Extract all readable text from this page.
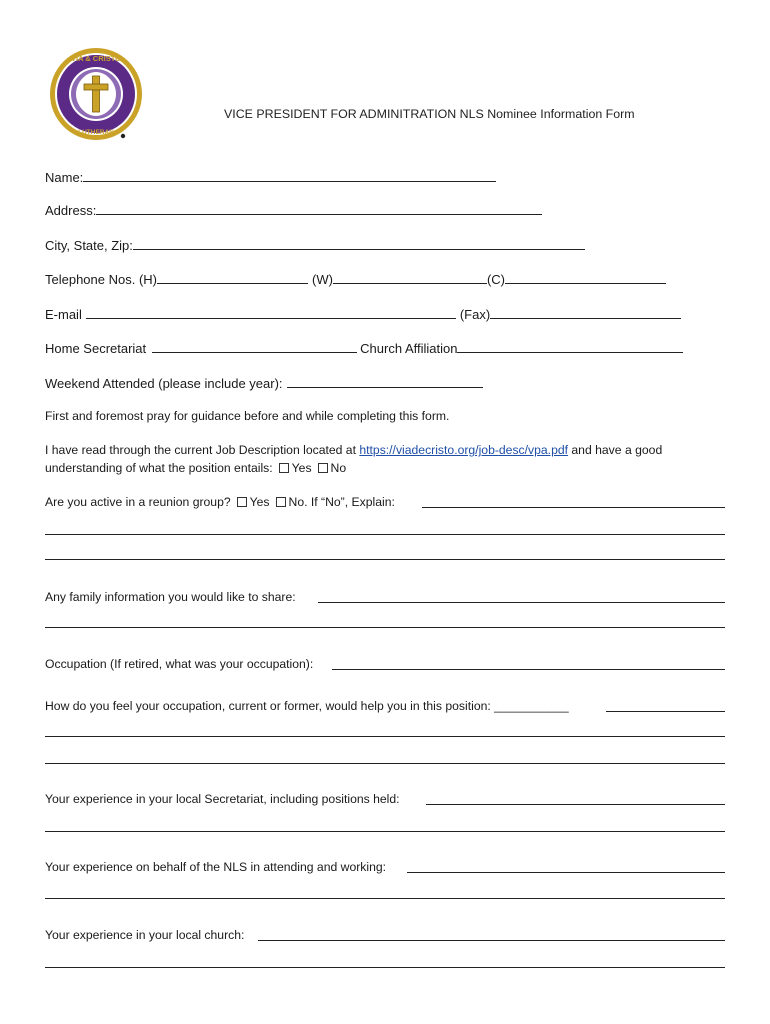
VIA & CRISTO
LUTHERAN
VICE PRESIDENT FOR ADMINITRATION NLS Nominee Information Form
Name:
Address:
City, State, Zip:
Telephone Nos. (H)	(W)	(C)
E-mail	(Fax)
Home Secretariat	Church Affiliation
Weekend Attended (please include year):
First and foremost pray for guidance before and while completing this form.
I have read through the current Job Description located at https://viadecristo.org/job-desc/vpa.pdf and have a good
understanding of what the position entails: Yes No
Are you active in a reunion group? Yes No. If “No”, Explain:
Any family information you would like to share:
Occupation (If retired, what was your occupation):
How do you feel your occupation, current or former, would help you in this position: ___________
Your experience in your local Secretariat, including positions held:
Your experience on behalf of the NLS in attending and working:
Your experience in your local church:
